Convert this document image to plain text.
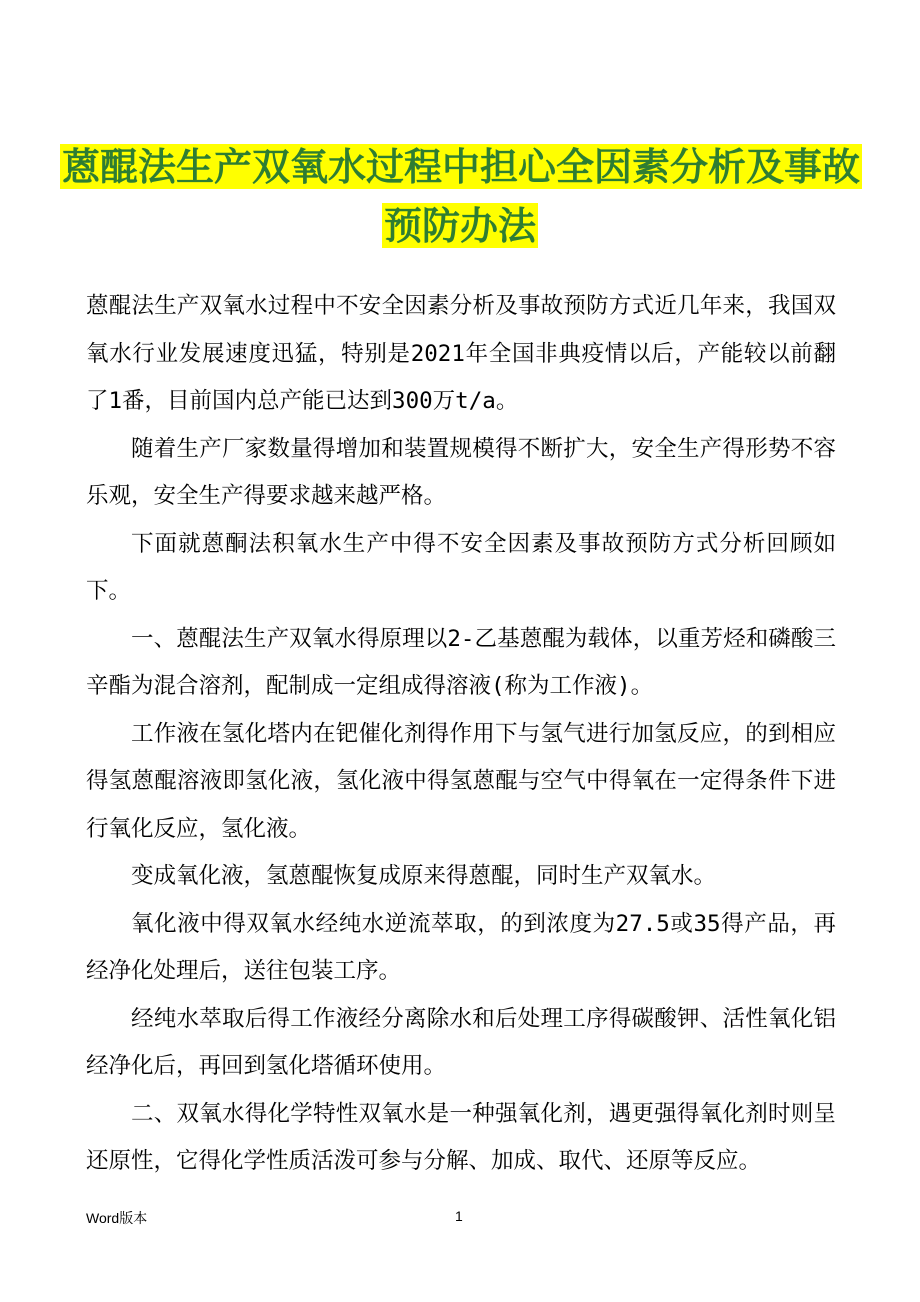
蒽醌法生产双氧水过程中担心全因素分析及事故预防办法

蒽醌法生产双氧水过程中不安全因素分析及事故预防方式近几年来，我国双氧水行业发展速度迅猛，特别是2021年全国非典疫情以后，产能较以前翻了1番，目前国内总产能已达到300万t/a。

随着生产厂家数量得增加和装置规模得不断扩大，安全生产得形势不容乐观，安全生产得要求越来越严格。

下面就蒽酮法积氧水生产中得不安全因素及事故预防方式分析回顾如下。

一、蒽醌法生产双氧水得原理以2-乙基蒽醌为载体，以重芳烃和磷酸三辛酯为混合溶剂，配制成一定组成得溶液(称为工作液)。

工作液在氢化塔内在钯催化剂得作用下与氢气进行加氢反应，的到相应得氢蒽醌溶液即氢化液，氢化液中得氢蒽醌与空气中得氧在一定得条件下进行氧化反应，氢化液。

变成氧化液，氢蒽醌恢复成原来得蒽醌，同时生产双氧水。

氧化液中得双氧水经纯水逆流萃取，的到浓度为27.5或35得产品，再经净化处理后，送往包装工序。

经纯水萃取后得工作液经分离除水和后处理工序得碳酸钾、活性氧化铝经净化后，再回到氢化塔循环使用。

二、双氧水得化学特性双氧水是一种强氧化剂，遇更强得氧化剂时则呈还原性，它得化学性质活泼可参与分解、加成、取代、还原等反应。

Word版本	1
